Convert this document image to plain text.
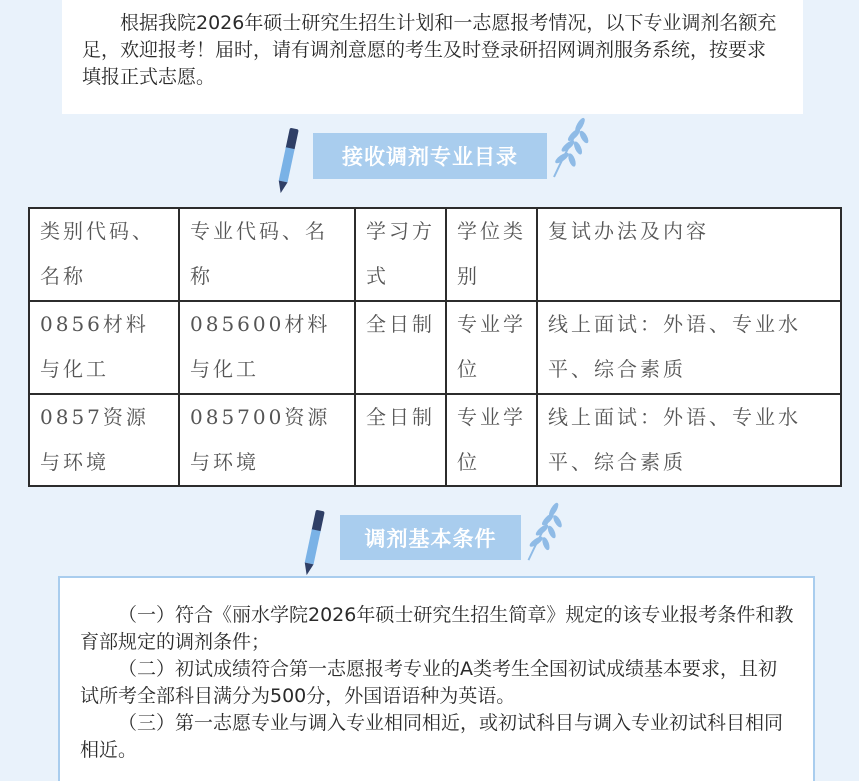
根据我院2026年硕士研究生招生计划和一志愿报考情况，以下专业调剂名额充足，欢迎报考！届时，请有调剂意愿的考生及时登录研招网调剂服务系统，按要求填报正式志愿。

接收调剂专业目录
类别代码、名称	专业代码、名称	学习方式	学位类别	复试办法及内容
0856材料与化工	085600材料与化工	全日制	专业学位	线上面试：外语、专业水平、综合素质
0857资源与环境	085700资源与环境	全日制	专业学位	线上面试：外语、专业水平、综合素质
调剂基本条件

（一）符合《丽水学院2026年硕士研究生招生简章》规定的该专业报考条件和教育部规定的调剂条件；

（二）初试成绩符合第一志愿报考专业的A类考生全国初试成绩基本要求，且初试所考全部科目满分为500分，外国语语种为英语。

（三）第一志愿专业与调入专业相同相近，或初试科目与调入专业初试科目相同相近。
